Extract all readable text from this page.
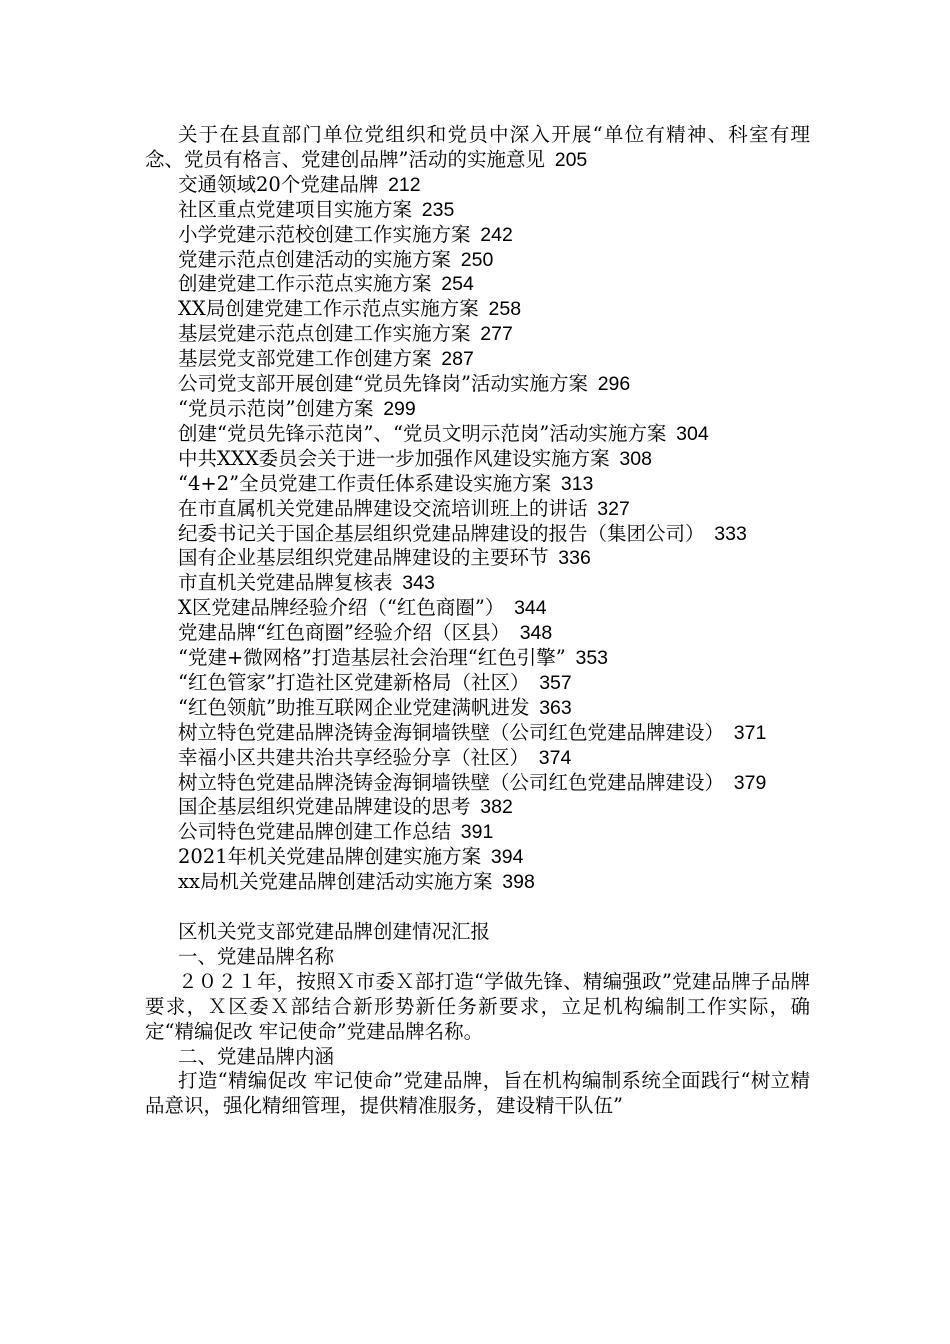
关于在县直部门单位党组织和党员中深入开展“单位有精神、科室有理念、党员有格言、党建创品牌”活动的实施意见  205

交通领域20个党建品牌  212

社区重点党建项目实施方案  235

小学党建示范校创建工作实施方案  242

党建示范点创建活动的实施方案  250

创建党建工作示范点实施方案  254

XX局创建党建工作示范点实施方案  258

基层党建示范点创建工作实施方案  277

基层党支部党建工作创建方案  287

公司党支部开展创建“党员先锋岗”活动实施方案  296

“党员示范岗”创建方案  299

创建“党员先锋示范岗”、“党员文明示范岗”活动实施方案  304

中共XXX委员会关于进一步加强作风建设实施方案  308

“4+2”全员党建工作责任体系建设实施方案  313

在市直属机关党建品牌建设交流培训班上的讲话  327

纪委书记关于国企基层组织党建品牌建设的报告（集团公司）  333

国有企业基层组织党建品牌建设的主要环节  336

市直机关党建品牌复核表  343

X区党建品牌经验介绍（“红色商圈”）  344

党建品牌“红色商圈”经验介绍（区县）  348

“党建+微网格”打造基层社会治理“红色引擎”  353

“红色管家”打造社区党建新格局（社区）  357

“红色领航”助推互联网企业党建满帆进发  363

树立特色党建品牌浇铸金海铜墙铁壁（公司红色党建品牌建设）  371

幸福小区共建共治共享经验分享（社区）  374

树立特色党建品牌浇铸金海铜墙铁壁（公司红色党建品牌建设）  379

国企基层组织党建品牌建设的思考  382

公司特色党建品牌创建工作总结  391

2021年机关党建品牌创建实施方案  394

xx局机关党建品牌创建活动实施方案  398

区机关党支部党建品牌创建情况汇报

一、党建品牌名称

２０２１年，按照Ｘ市委Ｘ部打造“学做先锋、精编强政”党建品牌子品牌要求，Ｘ区委Ｘ部结合新形势新任务新要求，立足机构编制工作实际，确定“精编促改 牢记使命”党建品牌名称。

二、党建品牌内涵

打造“精编促改 牢记使命”党建品牌，旨在机构编制系统全面践行“树立精品意识，强化精细管理，提供精准服务，建设精干队伍”
